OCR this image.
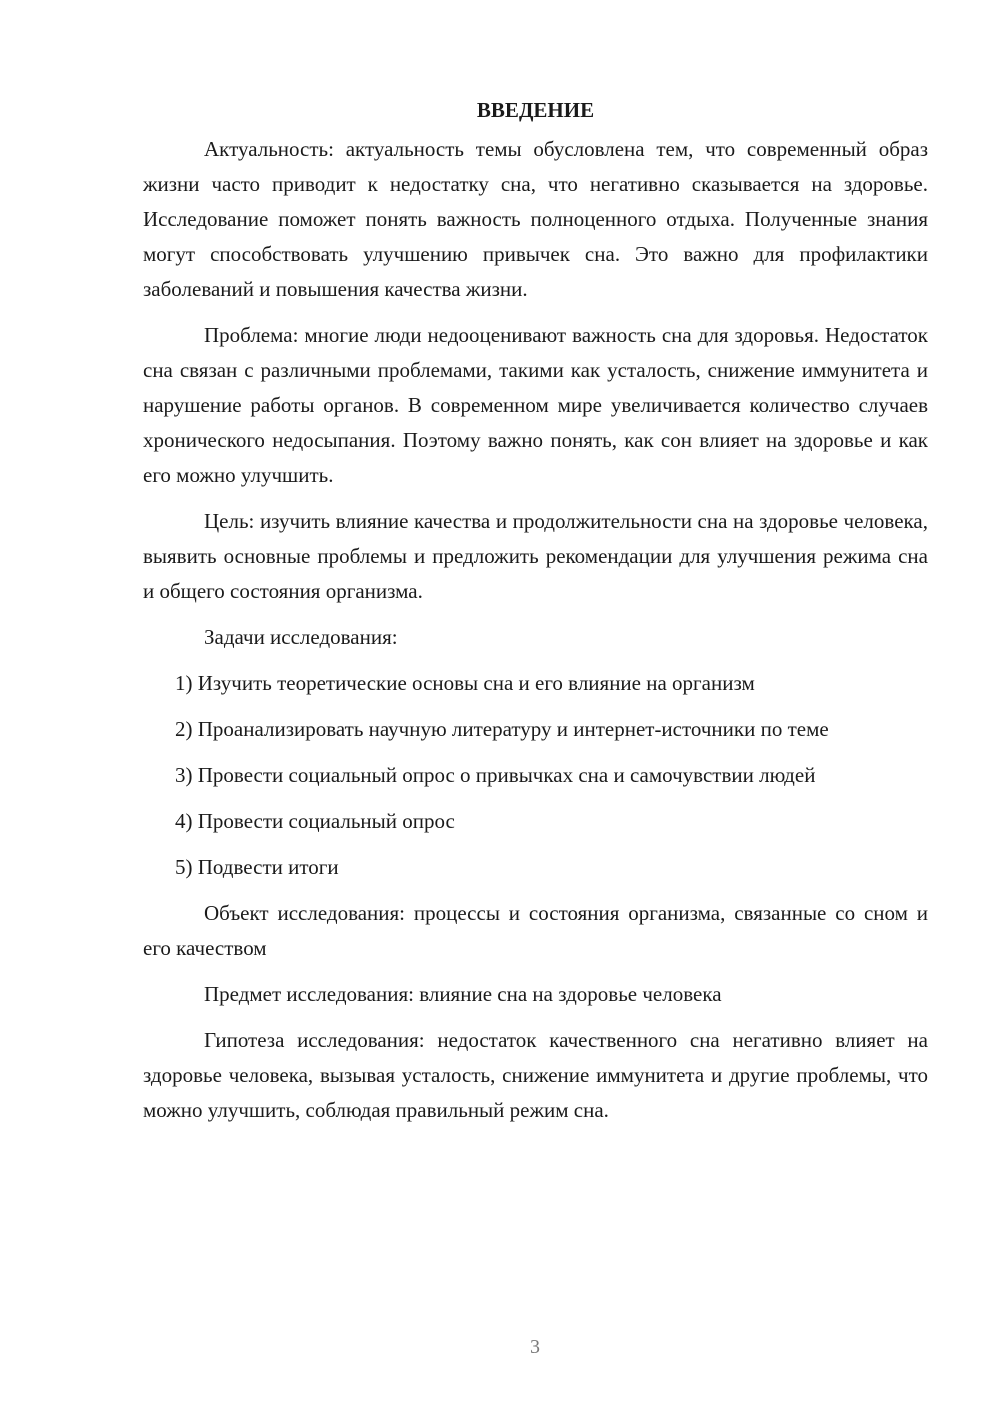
ВВЕДЕНИЕ

Актуальность: актуальность темы обусловлена тем, что современный образ жизни часто приводит к недостатку сна, что негативно сказывается на здоровье. Исследование поможет понять важность полноценного отдыха. Полученные знания могут способствовать улучшению привычек сна. Это важно для профилактики заболеваний и повышения качества жизни.

Проблема: многие люди недооценивают важность сна для здоровья. Недостаток сна связан с различными проблемами, такими как усталость, снижение иммунитета и нарушение работы органов. В современном мире увеличивается количество случаев хронического недосыпания. Поэтому важно понять, как сон влияет на здоровье и как его можно улучшить.

Цель: изучить влияние качества и продолжительности сна на здоровье человека, выявить основные проблемы и предложить рекомендации для улучшения режима сна и общего состояния организма.

Задачи исследования:

1) Изучить теоретические основы сна и его влияние на организм

2) Проанализировать научную литературу и интернет-источники по теме

3) Провести социальный опрос о привычках сна и самочувствии людей

4) Провести социальный опрос

5) Подвести итоги

Объект исследования: процессы и состояния организма, связанные со сном и его качеством

Предмет исследования: влияние сна на здоровье человека

Гипотеза исследования: недостаток качественного сна негативно влияет на здоровье человека, вызывая усталость, снижение иммунитета и другие проблемы, что можно улучшить, соблюдая правильный режим сна.

3
